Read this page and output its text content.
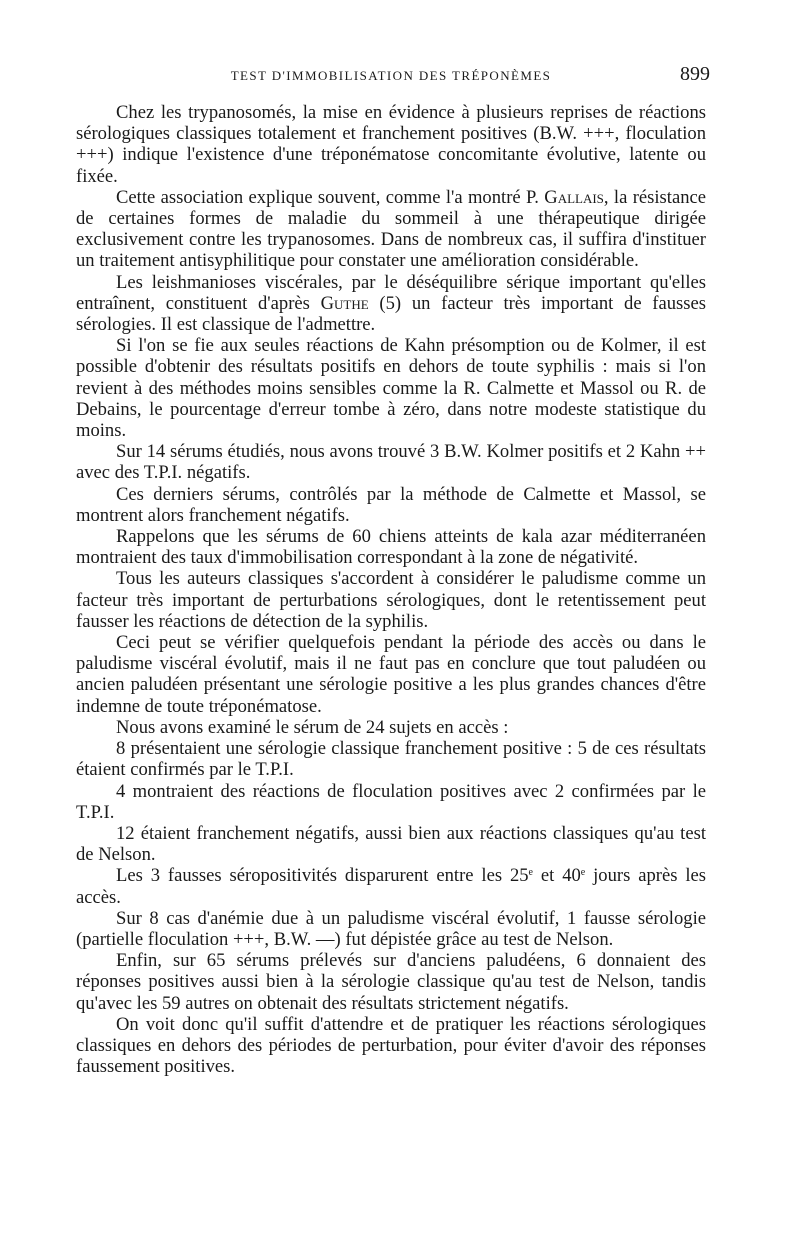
TEST D'IMMOBILISATION DES TRÉPONÈMES	899

Chez les trypanosomés, la mise en évidence à plusieurs reprises de réactions sérologiques classiques totalement et franchement positives (B.W. +++, floculation +++) indique l'existence d'une tréponématose concomitante évolutive, latente ou fixée.

Cette association explique souvent, comme l'a montré P. Gallais, la résistance de certaines formes de maladie du sommeil à une thérapeutique dirigée exclusivement contre les trypanosomes. Dans de nombreux cas, il suffira d'instituer un traitement antisyphilitique pour constater une amélioration considérable.

Les leishmanioses viscérales, par le déséquilibre sérique important qu'elles entraînent, constituent d'après Guthe (5) un facteur très important de fausses sérologies. Il est classique de l'admettre.

Si l'on se fie aux seules réactions de Kahn présomption ou de Kolmer, il est possible d'obtenir des résultats positifs en dehors de toute syphilis : mais si l'on revient à des méthodes moins sensibles comme la R. Calmette et Massol ou R. de Debains, le pourcentage d'erreur tombe à zéro, dans notre modeste statistique du moins.

Sur 14 sérums étudiés, nous avons trouvé 3 B.W. Kolmer positifs et 2 Kahn ++ avec des T.P.I. négatifs.

Ces derniers sérums, contrôlés par la méthode de Calmette et Massol, se montrent alors franchement négatifs.

Rappelons que les sérums de 60 chiens atteints de kala azar méditerranéen montraient des taux d'immobilisation correspondant à la zone de négativité.

Tous les auteurs classiques s'accordent à considérer le paludisme comme un facteur très important de perturbations sérologiques, dont le retentissement peut fausser les réactions de détection de la syphilis.

Ceci peut se vérifier quelquefois pendant la période des accès ou dans le paludisme viscéral évolutif, mais il ne faut pas en conclure que tout paludéen ou ancien paludéen présentant une sérologie positive a les plus grandes chances d'être indemne de toute tréponématose.

Nous avons examiné le sérum de 24 sujets en accès :

8 présentaient une sérologie classique franchement positive : 5 de ces résultats étaient confirmés par le T.P.I.

4 montraient des réactions de floculation positives avec 2 confirmées par le T.P.I.

12 étaient franchement négatifs, aussi bien aux réactions classiques qu'au test de Nelson.

Les 3 fausses séropositivités disparurent entre les 25e et 40e jours après les accès.

Sur 8 cas d'anémie due à un paludisme viscéral évolutif, 1 fausse sérologie (partielle floculation +++, B.W. —) fut dépistée grâce au test de Nelson.

Enfin, sur 65 sérums prélevés sur d'anciens paludéens, 6 donnaient des réponses positives aussi bien à la sérologie classique qu'au test de Nelson, tandis qu'avec les 59 autres on obtenait des résultats strictement négatifs.

On voit donc qu'il suffit d'attendre et de pratiquer les réactions sérologiques classiques en dehors des périodes de perturbation, pour éviter d'avoir des réponses faussement positives.
